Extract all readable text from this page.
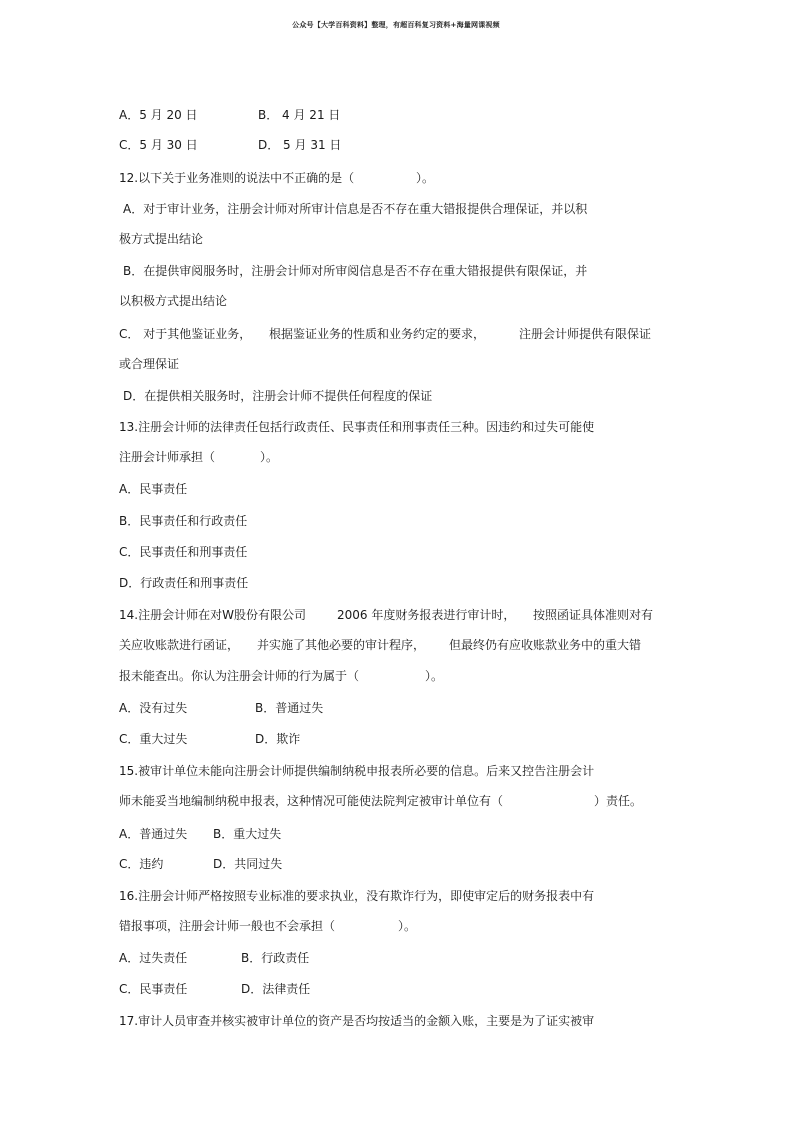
公众号【大学百科资料】整理，有超百科复习资料+海量网课视频
A．5 月 20 日	B． 4 月 21 日
C．5 月 30 日	D． 5 月 31 日
12.以下关于业务准则的说法中不正确的是（	）。
A．对于审计业务，注册会计师对所审计信息是否不存在重大错报提供合理保证，并以积
极方式提出结论
B．在提供审阅服务时，注册会计师对所审阅信息是否不存在重大错报提供有限保证，并
以积极方式提出结论
C． 对于其他鉴证业务， 根据鉴证业务的性质和业务约定的要求，	注册会计师提供有限保证
或合理保证
D．在提供相关服务时，注册会计师不提供任何程度的保证
13.注册会计师的法律责任包括行政责任、民事责任和刑事责任三种。因违约和过失可能使
注册会计师承担（	）。
A．民事责任
B．民事责任和行政责任
C．民事责任和刑事责任
D．行政责任和刑事责任
14.注册会计师在对W股份有限公司	2006 年度财务报表进行审计时， 按照函证具体准则对有
关应收账款进行函证， 并实施了其他必要的审计程序， 但最终仍有应收账款业务中的重大错
报未能查出。你认为注册会计师的行为属于（	）。
A．没有过失	B．普通过失
C．重大过失	D．欺诈
15.被审计单位未能向注册会计师提供编制纳税申报表所必要的信息。后来又控告注册会计
师未能妥当地编制纳税申报表，这种情况可能使法院判定被审计单位有（	）责任。
A．普通过失 B．重大过失
C．违约	D．共同过失
16.注册会计师严格按照专业标准的要求执业，没有欺诈行为，即使审定后的财务报表中有
错报事项，注册会计师一般也不会承担（	）。
A．过失责任	B．行政责任
C．民事责任	D．法律责任
17.审计人员审查并核实被审计单位的资产是否均按适当的金额入账，主要是为了证实被审
